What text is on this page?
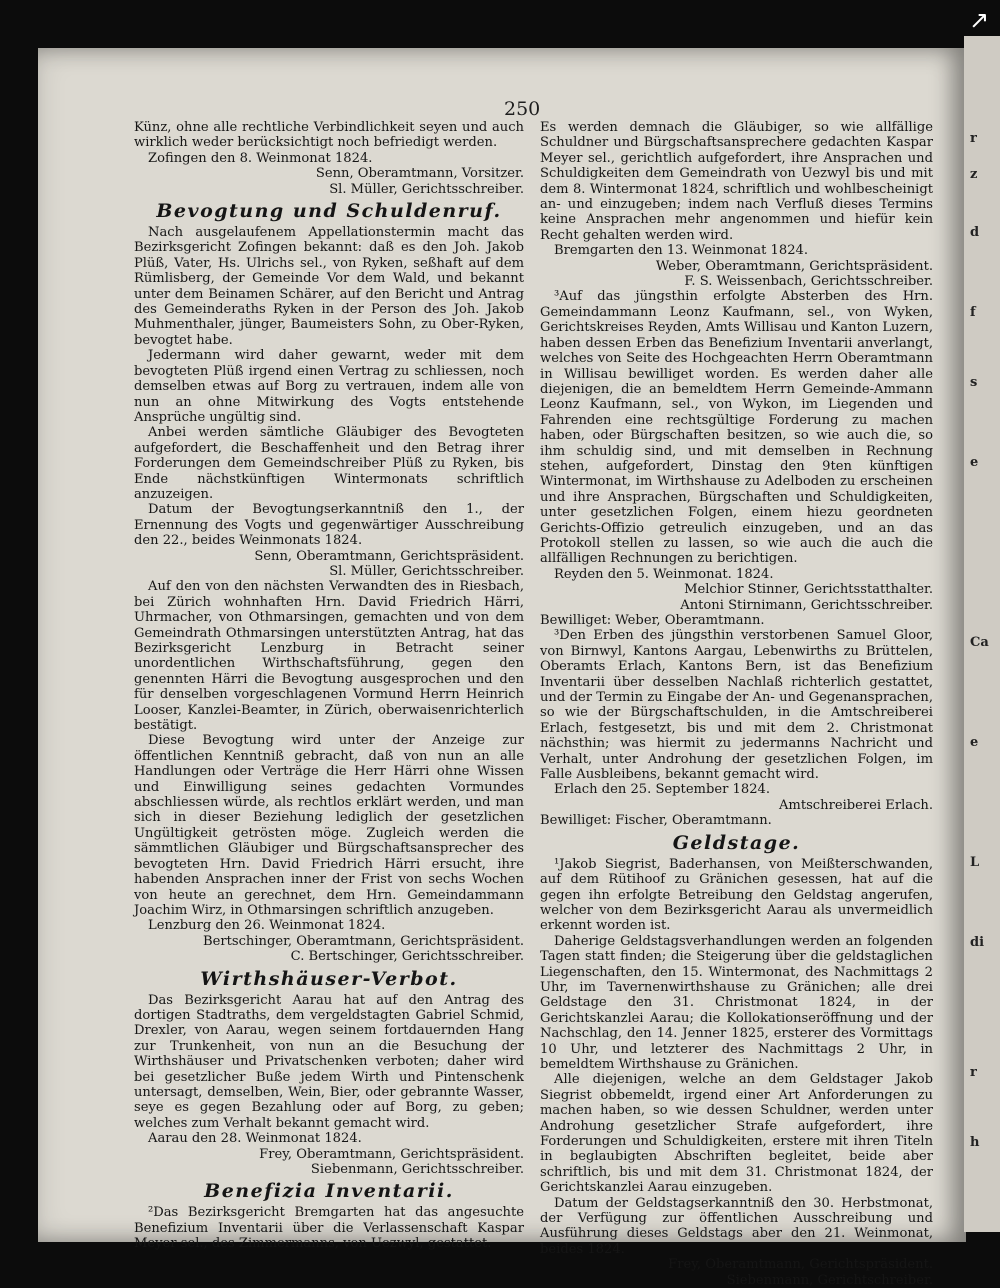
↗
r
z
d
f
s
e
Ca
e
L
di
r
h
250

Künz, ohne alle rechtliche Verbindlichkeit seyen und auch wirklich weder berücksichtigt noch befriedigt werden.

Zofingen den 8. Weinmonat 1824.

Senn, Oberamtmann, Vorsitzer.

Sl. Müller, Gerichtsschreiber.

Bevogtung und Schuldenruf.

Nach ausgelaufenem Appellationstermin macht das Bezirksgericht Zofingen bekannt: daß es den Joh. Jakob Plüß, Vater, Hs. Ulrichs sel., von Ryken, seßhaft auf dem Rümlisberg, der Gemeinde Vor dem Wald, und bekannt unter dem Beinamen Schärer, auf den Bericht und Antrag des Gemeinderaths Ryken in der Person des Joh. Jakob Muhmenthaler, jünger, Baumeisters Sohn, zu Ober-Ryken, bevogtet habe.

Jedermann wird daher gewarnt, weder mit dem bevogteten Plüß irgend einen Vertrag zu schliessen, noch demselben etwas auf Borg zu vertrauen, indem alle von nun an ohne Mitwirkung des Vogts entstehende Ansprüche ungültig sind.

Anbei werden sämtliche Gläubiger des Bevogteten aufgefordert, die Beschaffenheit und den Betrag ihrer Forderungen dem Gemeindschreiber Plüß zu Ryken, bis Ende nächstkünftigen Wintermonats schriftlich anzuzeigen.

Datum der Bevogtungserkanntniß den 1., der Ernennung des Vogts und gegenwärtiger Ausschreibung den 22., beides Weinmonats 1824.

Senn, Oberamtmann, Gerichtspräsident.

Sl. Müller, Gerichtsschreiber.

Auf den von den nächsten Verwandten des in Riesbach, bei Zürich wohnhaften Hrn. David Friedrich Härri, Uhrmacher, von Othmarsingen, gemachten und von dem Gemeindrath Othmarsingen unterstützten Antrag, hat das Bezirksgericht Lenzburg in Betracht seiner unordentlichen Wirthschaftsführung, gegen den genennten Härri die Bevogtung ausgesprochen und den für denselben vorgeschlagenen Vormund Herrn Heinrich Looser, Kanzlei-Beamter, in Zürich, oberwaisenrichterlich bestätigt.

Diese Bevogtung wird unter der Anzeige zur öffentlichen Kenntniß gebracht, daß von nun an alle Handlungen oder Verträge die Herr Härri ohne Wissen und Einwilligung seines gedachten Vormundes abschliessen würde, als rechtlos erklärt werden, und man sich in dieser Beziehung lediglich der gesetzlichen Ungültigkeit getrösten möge. Zugleich werden die sämmtlichen Gläubiger und Bürgschaftsansprecher des bevogteten Hrn. David Friedrich Härri ersucht, ihre habenden Ansprachen inner der Frist von sechs Wochen von heute an gerechnet, dem Hrn. Gemeindammann Joachim Wirz, in Othmarsingen schriftlich anzugeben.

Lenzburg den 26. Weinmonat 1824.

Bertschinger, Oberamtmann, Gerichtspräsident.

C. Bertschinger, Gerichtsschreiber.

Wirthshäuser-Verbot.

Das Bezirksgericht Aarau hat auf den Antrag des dortigen Stadtraths, dem vergeldstagten Gabriel Schmid, Drexler, von Aarau, wegen seinem fortdauernden Hang zur Trunkenheit, von nun an die Besuchung der Wirthshäuser und Privatschenken verboten; daher wird bei gesetzlicher Buße jedem Wirth und Pintenschenk untersagt, demselben, Wein, Bier, oder gebrannte Wasser, seye es gegen Bezahlung oder auf Borg, zu geben; welches zum Verhalt bekannt gemacht wird.

Aarau den 28. Weinmonat 1824.

Frey, Oberamtmann, Gerichtspräsident.

Siebenmann, Gerichtsschreiber.

Benefizia Inventarii.

²Das Bezirksgericht Bremgarten hat das angesuchte Benefizium Inventarii über die Verlassenschaft Kaspar Meyer sel., des Zimmermanns, von Uezwyl, gestattet.

Es werden demnach die Gläubiger, so wie allfällige Schuldner und Bürgschaftsansprechere gedachten Kaspar Meyer sel., gerichtlich aufgefordert, ihre Ansprachen und Schuldigkeiten dem Gemeindrath von Uezwyl bis und mit dem 8. Wintermonat 1824, schriftlich und wohlbescheinigt an- und einzugeben; indem nach Verfluß dieses Termins keine Ansprachen mehr angenommen und hiefür kein Recht gehalten werden wird.

Bremgarten den 13. Weinmonat 1824.

Weber, Oberamtmann, Gerichtspräsident.

F. S. Weissenbach, Gerichtsschreiber.

³Auf das jüngsthin erfolgte Absterben des Hrn. Gemeindammann Leonz Kaufmann, sel., von Wyken, Gerichtskreises Reyden, Amts Willisau und Kanton Luzern, haben dessen Erben das Benefizium Inventarii anverlangt, welches von Seite des Hochgeachten Herrn Oberamtmann in Willisau bewilliget worden. Es werden daher alle diejenigen, die an bemeldtem Herrn Gemeinde-Ammann Leonz Kaufmann, sel., von Wykon, im Liegenden und Fahrenden eine rechtsgültige Forderung zu machen haben, oder Bürgschaften besitzen, so wie auch die, so ihm schuldig sind, und mit demselben in Rechnung stehen, aufgefordert, Dinstag den 9ten künftigen Wintermonat, im Wirthshause zu Adelboden zu erscheinen und ihre Ansprachen, Bürgschaften und Schuldigkeiten, unter gesetzlichen Folgen, einem hiezu geordneten Gerichts-Offizio getreulich einzugeben, und an das Protokoll stellen zu lassen, so wie auch die auch die allfälligen Rechnungen zu berichtigen.

Reyden den 5. Weinmonat. 1824.

Melchior Stinner, Gerichtsstatthalter.

Antoni Stirnimann, Gerichtsschreiber.

Bewilliget: Weber, Oberamtmann.

³Den Erben des jüngsthin verstorbenen Samuel Gloor, von Birnwyl, Kantons Aargau, Lebenwirths zu Brüttelen, Oberamts Erlach, Kantons Bern, ist das Benefizium Inventarii über desselben Nachlaß richterlich gestattet, und der Termin zu Eingabe der An- und Gegenansprachen, so wie der Bürgschaftschulden, in die Amtschreiberei Erlach, festgesetzt, bis und mit dem 2. Christmonat nächsthin; was hiermit zu jedermanns Nachricht und Verhalt, unter Androhung der gesetzlichen Folgen, im Falle Ausbleibens, bekannt gemacht wird.

Erlach den 25. September 1824.

Amtschreiberei Erlach.

Bewilliget: Fischer, Oberamtmann.

Geldstage.

¹Jakob Siegrist, Baderhansen, von Meißterschwanden, auf dem Rütihoof zu Gränichen gesessen, hat auf die gegen ihn erfolgte Betreibung den Geldstag angerufen, welcher von dem Bezirksgericht Aarau als unvermeidlich erkennt worden ist.

Daherige Geldstagsverhandlungen werden an folgenden Tagen statt finden; die Steigerung über die geldstaglichen Liegenschaften, den 15. Wintermonat, des Nachmittags 2 Uhr, im Tavernenwirthshause zu Gränichen; alle drei Geldstage den 31. Christmonat 1824, in der Gerichtskanzlei Aarau; die Kollokationseröffnung und der Nachschlag, den 14. Jenner 1825, ersterer des Vormittags 10 Uhr, und letzterer des Nachmittags 2 Uhr, in bemeldtem Wirthshause zu Gränichen.

Alle diejenigen, welche an dem Geldstager Jakob Siegrist obbemeldt, irgend einer Art Anforderungen zu machen haben, so wie dessen Schuldner, werden unter Androhung gesetzlicher Strafe aufgefordert, ihre Forderungen und Schuldigkeiten, erstere mit ihren Titeln in beglaubigten Abschriften begleitet, beide aber schriftlich, bis und mit dem 31. Christmonat 1824, der Gerichtskanzlei Aarau einzugeben.

Datum der Geldstagserkanntniß den 30. Herbstmonat, der Verfügung zur öffentlichen Ausschreibung und Ausführung dieses Geldstags aber den 21. Weinmonat, beides 1824.

Frey, Oberamtmann, Gerichtspräsident.

Siebenmann, Gerichtschreiber.
